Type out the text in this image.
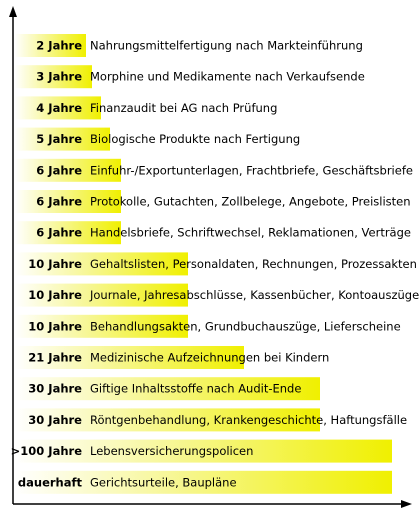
2 Jahre Nahrungsmittelfertigung nach Markteinführung
3 Jahre Morphine und Medikamente nach Verkaufsende
4 Jahre Finanzaudit bei AG nach Prüfung
5 Jahre Biologische Produkte nach Fertigung
6 Jahre Einfuhr-/Exportunterlagen, Frachtbriefe, Geschäftsbriefe
6 Jahre Protokolle, Gutachten, Zollbelege, Angebote, Preislisten
6 Jahre Handelsbriefe, Schriftwechsel, Reklamationen, Verträge
10 Jahre Gehaltslisten, Personaldaten, Rechnungen, Prozessakten
10 Jahre Journale, Jahresabschlüsse, Kassenbücher, Kontoauszüge
10 Jahre Behandlungsakten, Grundbuchauszüge, Lieferscheine
21 Jahre Medizinische Aufzeichnungen bei Kindern
30 Jahre Giftige Inhaltsstoffe nach Audit-Ende
30 Jahre Röntgenbehandlung, Krankengeschichte, Haftungsfälle
>100 Jahre Lebensversicherungspolicen
dauerhaft Gerichtsurteile, Baupläne
